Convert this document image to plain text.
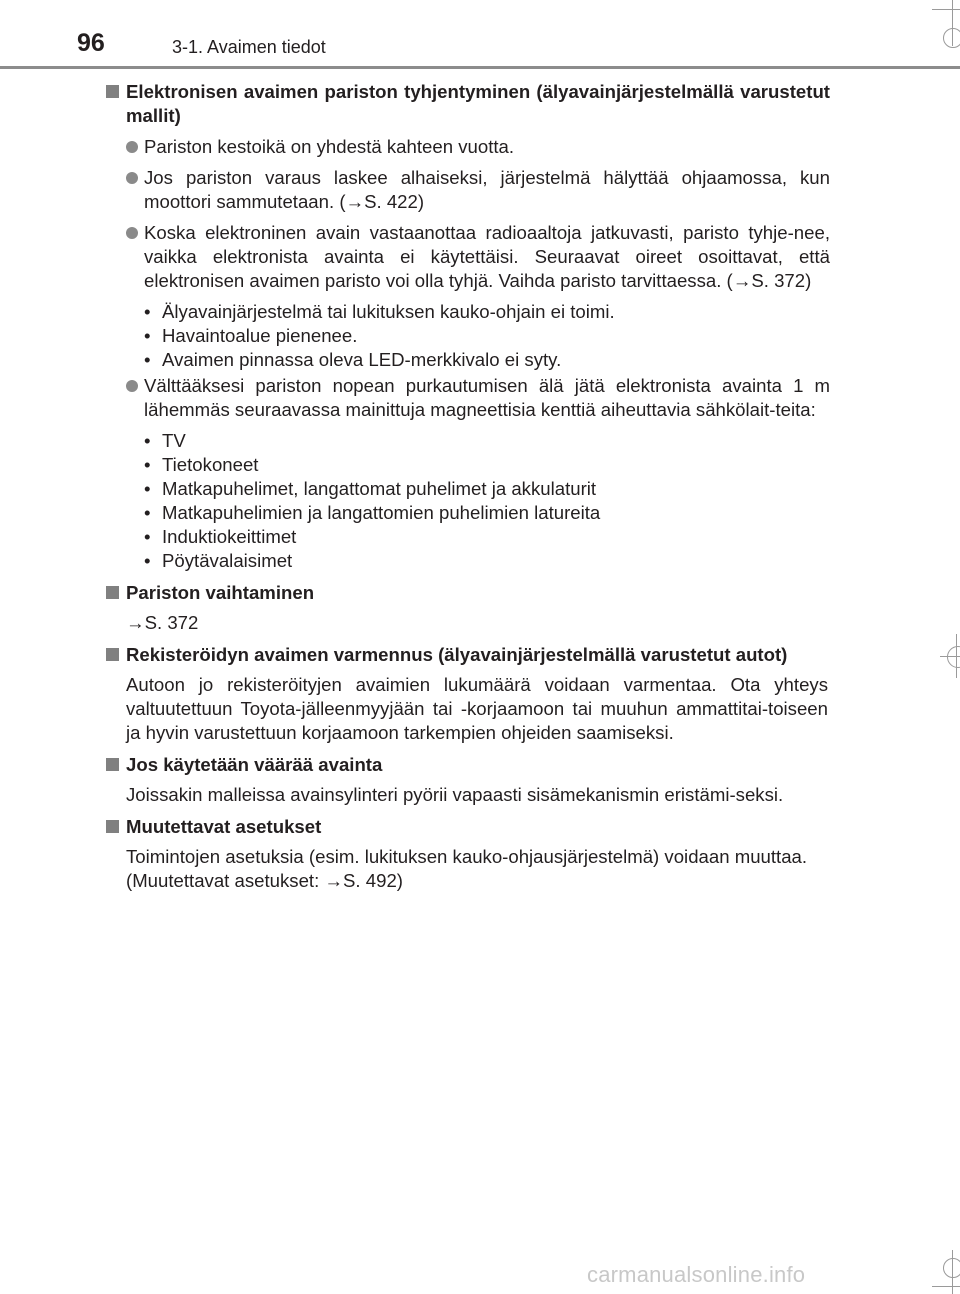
96	3-1. Avaimen tiedot
Elektronisen avaimen pariston tyhjentyminen (älyavainjärjestelmällä varustetut mallit)
Pariston kestoikä on yhdestä kahteen vuotta.
Jos pariston varaus laskee alhaiseksi, järjestelmä hälyttää ohjaamossa, kun moottori sammutetaan. (→S. 422)
Koska elektroninen avain vastaanottaa radioaaltoja jatkuvasti, paristo tyhje-nee, vaikka elektronista avainta ei käytettäisi. Seuraavat oireet osoittavat, että elektronisen avaimen paristo voi olla tyhjä. Vaihda paristo tarvittaessa. (→S. 372)
• Älyavainjärjestelmä tai lukituksen kauko-ohjain ei toimi.
• Havaintoalue pienenee.
• Avaimen pinnassa oleva LED-merkkivalo ei syty.
Välttääksesi pariston nopean purkautumisen älä jätä elektronista avainta 1 m lähemmäs seuraavassa mainittuja magneettisia kenttiä aiheuttavia sähkölait-teita:
• TV
• Tietokoneet
• Matkapuhelimet, langattomat puhelimet ja akkulaturit
• Matkapuhelimien ja langattomien puhelimien latureita
• Induktiokeittimet
• Pöytävalaisimet
Pariston vaihtaminen
→S. 372
Rekisteröidyn avaimen varmennus (älyavainjärjestelmällä varustetut autot)
Autoon jo rekisteröityjen avaimien lukumäärä voidaan varmentaa. Ota yhteys valtuutettuun Toyota-jälleenmyyjään tai -korjaamoon tai muuhun ammattitai-toiseen ja hyvin varustettuun korjaamoon tarkempien ohjeiden saamiseksi.
Jos käytetään väärää avainta
Joissakin malleissa avainsylinteri pyörii vapaasti sisämekanismin eristämi-seksi.
Muutettavat asetukset
Toimintojen asetuksia (esim. lukituksen kauko-ohjausjärjestelmä) voidaan muuttaa.
(Muutettavat asetukset: →S. 492)
carmanualsonline.info
